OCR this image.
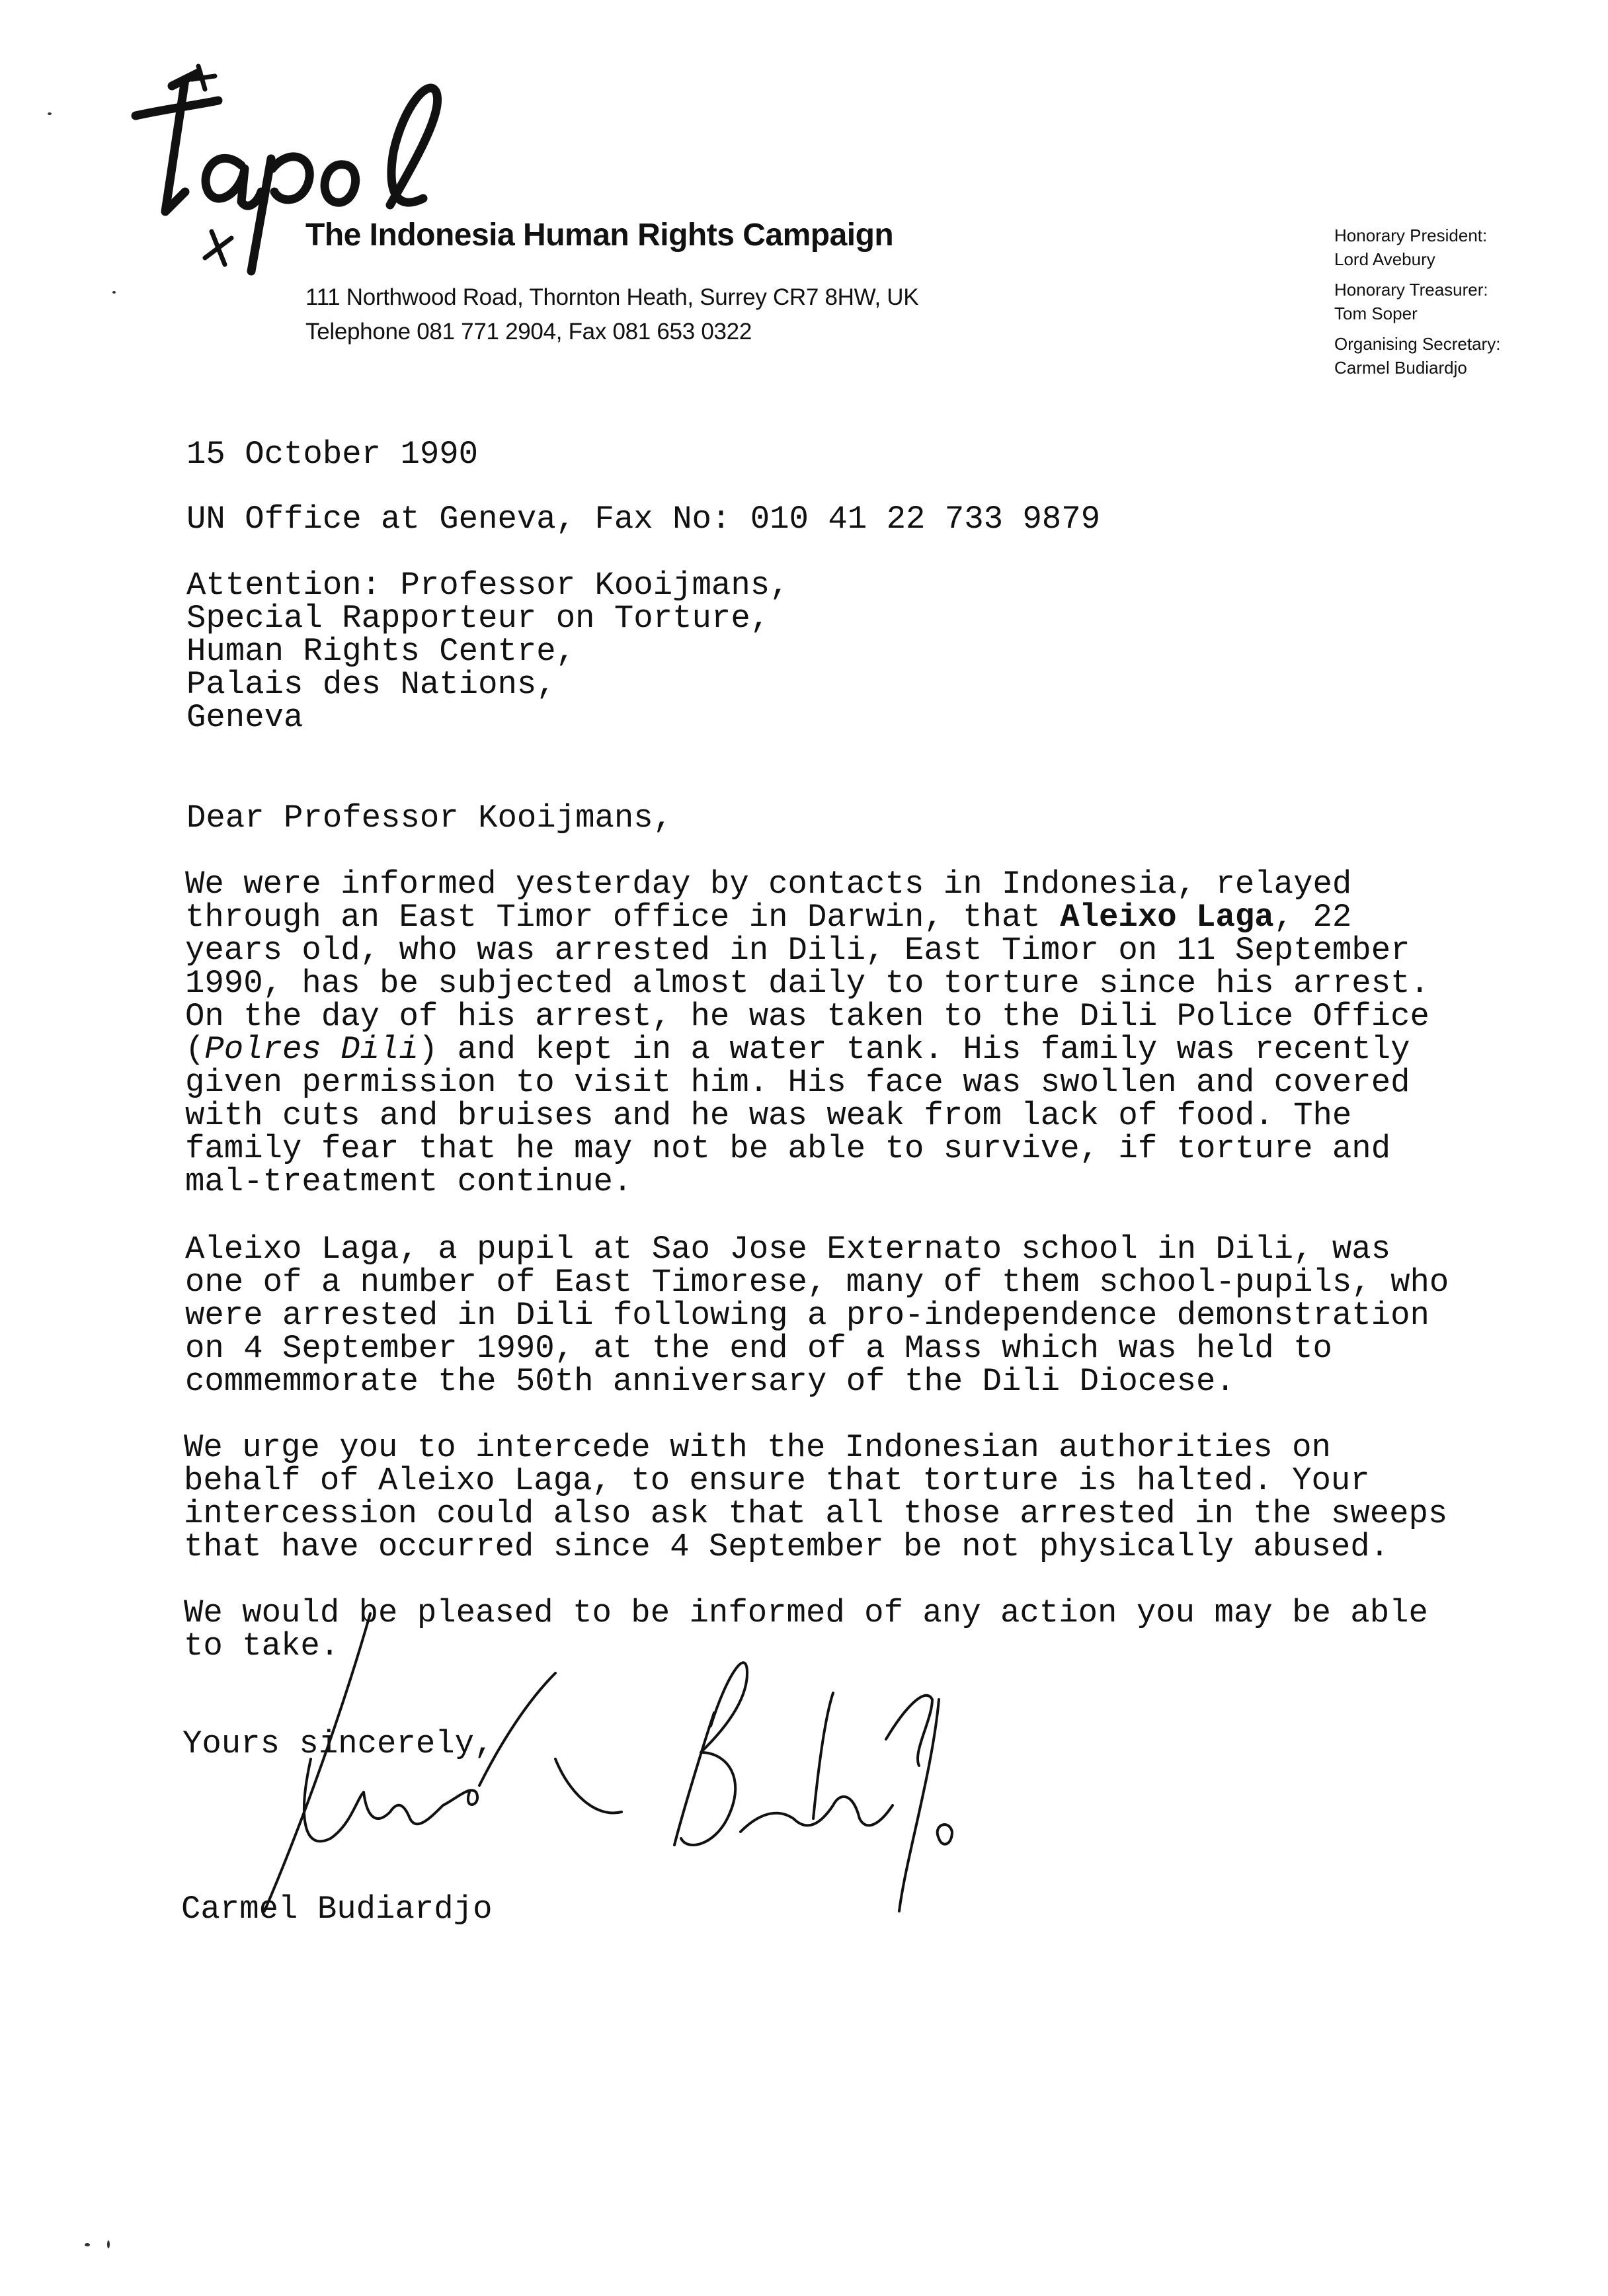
The Indonesia Human Rights Campaign
111 Northwood Road, Thornton Heath, Surrey CR7 8HW, UK
Telephone 081 771 2904, Fax 081 653 0322
Honorary President:
Lord Avebury
Honorary Treasurer:
Tom Soper
Organising Secretary:
Carmel Budiardjo
15 October 1990
UN Office at Geneva, Fax No: 010 41 22 733 9879
Attention: Professor Kooijmans,
Special Rapporteur on Torture,
Human Rights Centre,
Palais des Nations,
Geneva
Dear Professor Kooijmans,
We were informed yesterday by contacts in Indonesia, relayed
through an East Timor office in Darwin, that Aleixo Laga, 22
years old, who was arrested in Dili, East Timor on 11 September
1990, has be subjected almost daily to torture since his arrest.
On the day of his arrest, he was taken to the Dili Police Office
(Polres Dili) and kept in a water tank. His family was recently
given permission to visit him. His face was swollen and covered
with cuts and bruises and he was weak from lack of food. The
family fear that he may not be able to survive, if torture and
mal-treatment continue.
Aleixo Laga, a pupil at Sao Jose Externato school in Dili, was
one of a number of East Timorese, many of them school-pupils, who
were arrested in Dili following a pro-independence demonstration
on 4 September 1990, at the end of a Mass which was held to
commemmorate the 50th anniversary of the Dili Diocese.
We urge you to intercede with the Indonesian authorities on
behalf of Aleixo Laga, to ensure that torture is halted. Your
intercession could also ask that all those arrested in the sweeps
that have occurred since 4 September be not physically abused.
We would be pleased to be informed of any action you may be able
to take.
Yours sincerely,
Carmel Budiardjo
